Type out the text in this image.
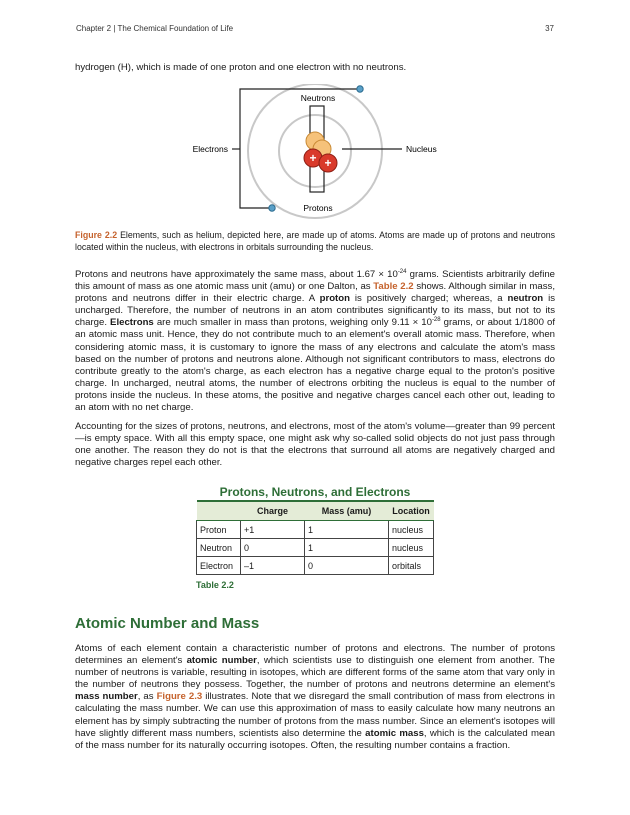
Chapter 2 | The Chemical Foundation of Life	37

hydrogen (H), which is made of one proton and one electron with no neutrons.

+ +
Neutrons
Electrons	Nucleus
Protons

Figure 2.2 Elements, such as helium, depicted here, are made up of atoms. Atoms are made up of protons and neutrons located within the nucleus, with electrons in orbitals surrounding the nucleus.

Protons and neutrons have approximately the same mass, about $1.67 \times 10^{-24}$ grams. Scientists arbitrarily define this amount of mass as one atomic mass unit (amu) or one Dalton, as Table 2.2 shows. Although similar in mass, protons and neutrons differ in their electric charge. A proton is positively charged; whereas, a neutron is uncharged. Therefore, the number of neutrons in an atom contributes significantly to its mass, but not to its charge. Electrons are much smaller in mass than protons, weighing only $9.11 \times 10^{-28}$ grams, or about 1/1800 of an atomic mass unit. Hence, they do not contribute much to an element's overall atomic mass. Therefore, when considering atomic mass, it is customary to ignore the mass of any electrons and calculate the atom's mass based on the number of protons and neutrons alone. Although not significant contributors to mass, electrons do contribute greatly to the atom's charge, as each electron has a negative charge equal to the proton's positive charge. In uncharged, neutral atoms, the number of electrons orbiting the nucleus is equal to the number of protons inside the nucleus. In these atoms, the positive and negative charges cancel each other out, leading to an atom with no net charge.

Accounting for the sizes of protons, neutrons, and electrons, most of the atom's volume—greater than 99 percent—is empty space. With all this empty space, one might ask why so-called solid objects do not just pass through one another. The reason they do not is that the electrons that surround all atoms are negatively charged and negative charges repel each other.

Protons, Neutrons, and Electrons
	Charge	Mass (amu)	Location
Proton	+1	1	nucleus
Neutron	0	1	nucleus
Electron	–1	0	orbitals
Table 2.2
Atomic Number and Mass

Atoms of each element contain a characteristic number of protons and electrons. The number of protons determines an element's atomic number, which scientists use to distinguish one element from another. The number of neutrons is variable, resulting in isotopes, which are different forms of the same atom that vary only in the number of neutrons they possess. Together, the number of protons and neutrons determine an element's mass number, as Figure 2.3 illustrates. Note that we disregard the small contribution of mass from electrons in calculating the mass number. We can use this approximation of mass to easily calculate how many neutrons an element has by simply subtracting the number of protons from the mass number. Since an element's isotopes will have slightly different mass numbers, scientists also determine the atomic mass, which is the calculated mean of the mass number for its naturally occurring isotopes. Often, the resulting number contains a fraction.
